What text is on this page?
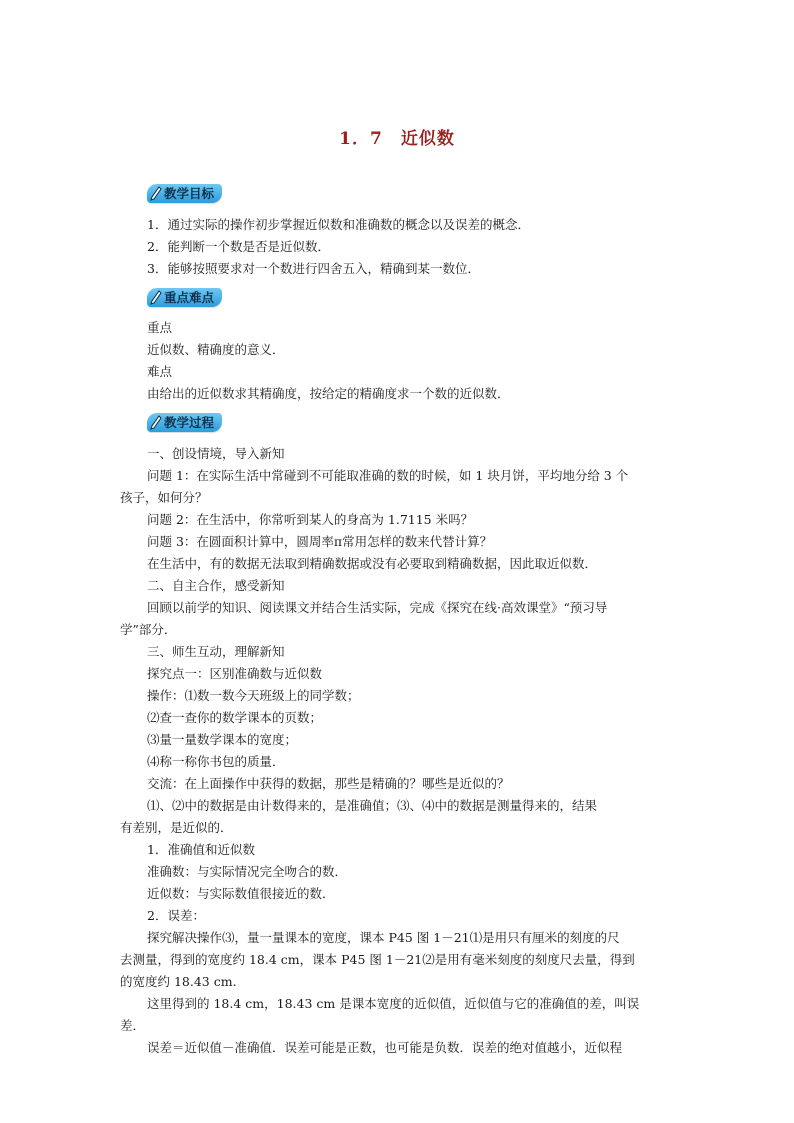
1．7　近似数
教学目标
1．通过实际的操作初步掌握近似数和准确数的概念以及误差的概念．
2．能判断一个数是否是近似数．
3．能够按照要求对一个数进行四舍五入，精确到某一数位．
重点难点
重点
近似数、精确度的意义．
难点
由给出的近似数求其精确度，按给定的精确度求一个数的近似数．
教学过程
一、创设情境，导入新知
问题 1：在实际生活中常碰到不可能取准确的数的时候，如 1 块月饼，平均地分给 3 个
孩子，如何分？
问题 2：在生活中，你常听到某人的身高为 1.7115 米吗？
问题 3：在圆面积计算中，圆周率π常用怎样的数来代替计算？
在生活中，有的数据无法取到精确数据或没有必要取到精确数据，因此取近似数．
二、自主合作，感受新知
回顾以前学的知识、阅读课文并结合生活实际，完成《探究在线·高效课堂》“预习导
学”部分．
三、师生互动，理解新知
探究点一：区别准确数与近似数
操作：⑴数一数今天班级上的同学数；
⑵查一查你的数学课本的页数；
⑶量一量数学课本的宽度；
⑷称一称你书包的质量．
交流：在上面操作中获得的数据，那些是精确的？哪些是近似的？
⑴、⑵中的数据是由计数得来的，是准确值；⑶、⑷中的数据是测量得来的，结果
有差别，是近似的．
1．准确值和近似数
准确数：与实际情况完全吻合的数．
近似数：与实际数值很接近的数．
2．误差：
探究解决操作⑶，量一量课本的宽度，课本 P45 图 1－21⑴是用只有厘米的刻度的尺
去测量，得到的宽度约 18.4 cm，课本 P45 图 1－21⑵是用有毫米刻度的刻度尺去量，得到
的宽度约 18.43 cm.
这里得到的 18.4 cm，18.43 cm 是课本宽度的近似值，近似值与它的准确值的差，叫误
差．
误差＝近似值－准确值．误差可能是正数，也可能是负数．误差的绝对值越小，近似程
